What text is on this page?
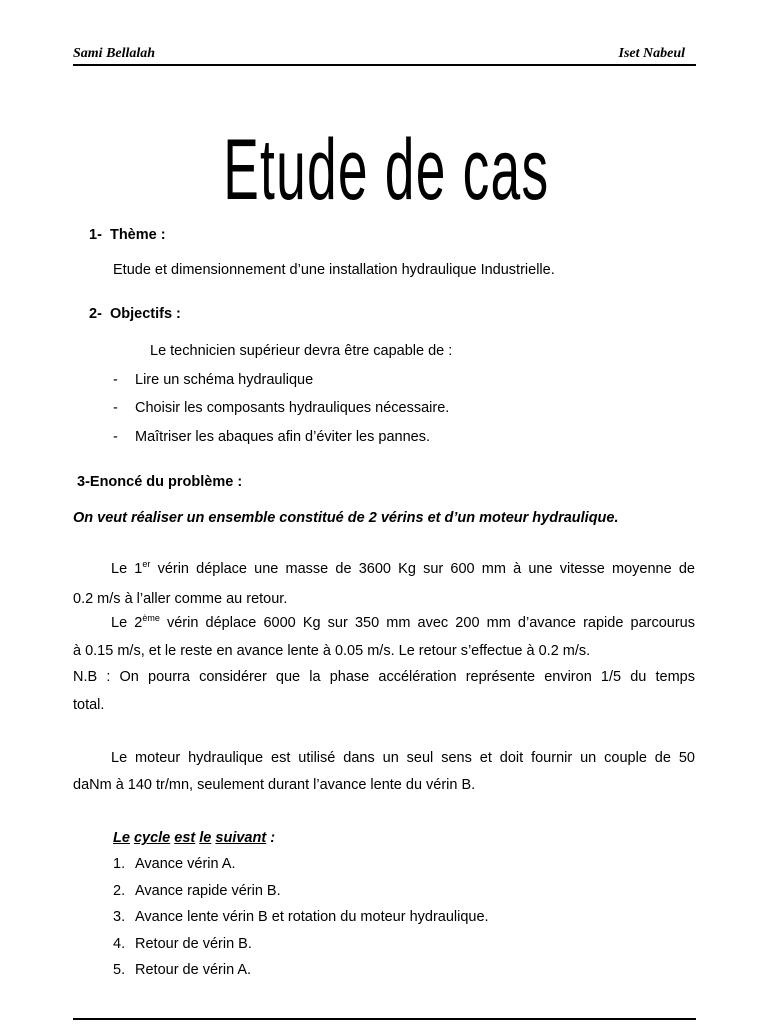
Sami Bellalah	Iset Nabeul
Etude de cas
1- Thème :
Etude et dimensionnement d’une installation hydraulique Industrielle.
2- Objectifs :
Le technicien supérieur devra être capable de :
- Lire un schéma hydraulique
- Choisir les composants hydrauliques nécessaire.
- Maîtriser les abaques afin d’éviter les pannes.
3-Enoncé du problème :
On veut réaliser un ensemble constitué de 2 vérins et d’un moteur hydraulique.
Le 1er vérin déplace une masse de 3600 Kg sur 600 mm à une vitesse moyenne de
0.2 m/s à l’aller comme au retour.
Le 2ème vérin déplace 6000 Kg sur 350 mm avec 200 mm d’avance rapide parcourus
à 0.15 m/s, et le reste en avance lente à 0.05 m/s. Le retour s’effectue à 0.2 m/s.
N.B : On pourra considérer que la phase accélération représente environ 1/5 du temps
total.
Le moteur hydraulique est utilisé dans un seul sens et doit fournir un couple de 50
daNm à 140 tr/mn, seulement durant l’avance lente du vérin B.
Le cycle est le suivant :
1. Avance vérin A.
2. Avance rapide vérin B.
3. Avance lente vérin B et rotation du moteur hydraulique.
4. Retour de vérin B.
5. Retour de vérin A.
